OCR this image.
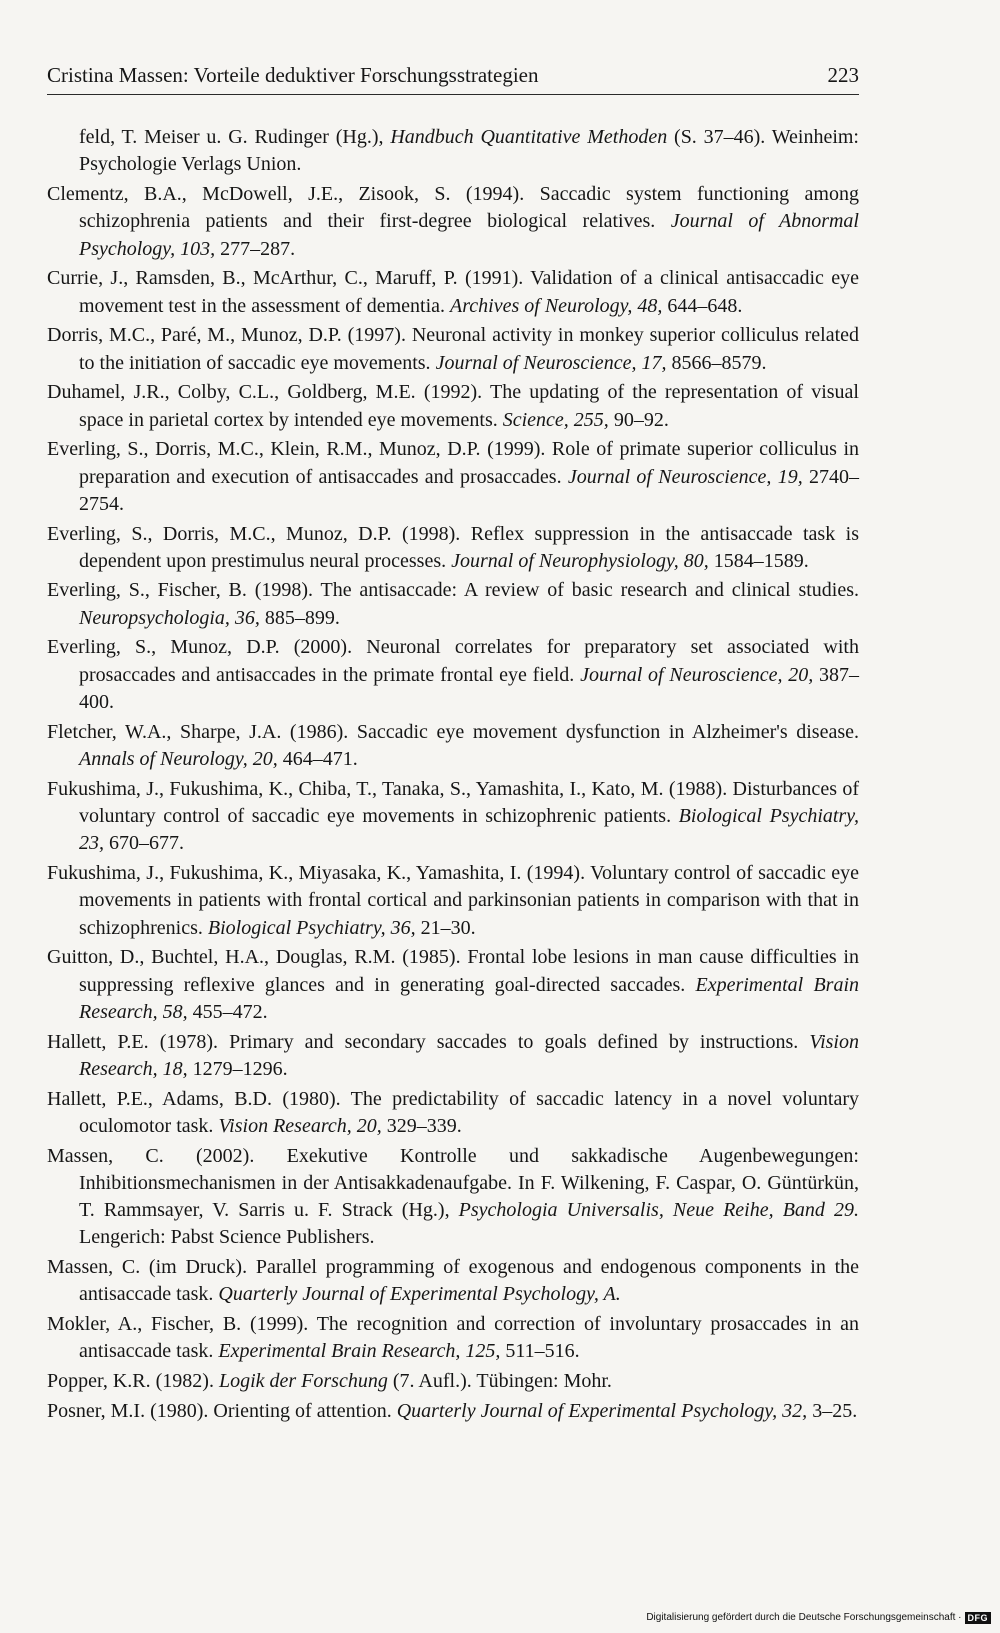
Cristina Massen: Vorteile deduktiver Forschungsstrategien	223
feld, T. Meiser u. G. Rudinger (Hg.), Handbuch Quantitative Methoden (S. 37–46). Weinheim: Psychologie Verlags Union.
Clementz, B.A., McDowell, J.E., Zisook, S. (1994). Saccadic system functioning among schizophrenia patients and their first-degree biological relatives. Journal of Abnormal Psychology, 103, 277–287.
Currie, J., Ramsden, B., McArthur, C., Maruff, P. (1991). Validation of a clinical antisaccadic eye movement test in the assessment of dementia. Archives of Neurology, 48, 644–648.
Dorris, M.C., Paré, M., Munoz, D.P. (1997). Neuronal activity in monkey superior colliculus related to the initiation of saccadic eye movements. Journal of Neuroscience, 17, 8566–8579.
Duhamel, J.R., Colby, C.L., Goldberg, M.E. (1992). The updating of the representation of visual space in parietal cortex by intended eye movements. Science, 255, 90–92.
Everling, S., Dorris, M.C., Klein, R.M., Munoz, D.P. (1999). Role of primate superior colliculus in preparation and execution of antisaccades and prosaccades. Journal of Neuroscience, 19, 2740–2754.
Everling, S., Dorris, M.C., Munoz, D.P. (1998). Reflex suppression in the antisaccade task is dependent upon prestimulus neural processes. Journal of Neurophysiology, 80, 1584–1589.
Everling, S., Fischer, B. (1998). The antisaccade: A review of basic research and clinical studies. Neuropsychologia, 36, 885–899.
Everling, S., Munoz, D.P. (2000). Neuronal correlates for preparatory set associated with prosaccades and antisaccades in the primate frontal eye field. Journal of Neuroscience, 20, 387–400.
Fletcher, W.A., Sharpe, J.A. (1986). Saccadic eye movement dysfunction in Alzheimer's disease. Annals of Neurology, 20, 464–471.
Fukushima, J., Fukushima, K., Chiba, T., Tanaka, S., Yamashita, I., Kato, M. (1988). Disturbances of voluntary control of saccadic eye movements in schizophrenic patients. Biological Psychiatry, 23, 670–677.
Fukushima, J., Fukushima, K., Miyasaka, K., Yamashita, I. (1994). Voluntary control of saccadic eye movements in patients with frontal cortical and parkinsonian patients in comparison with that in schizophrenics. Biological Psychiatry, 36, 21–30.
Guitton, D., Buchtel, H.A., Douglas, R.M. (1985). Frontal lobe lesions in man cause difficulties in suppressing reflexive glances and in generating goal-directed saccades. Experimental Brain Research, 58, 455–472.
Hallett, P.E. (1978). Primary and secondary saccades to goals defined by instructions. Vision Research, 18, 1279–1296.
Hallett, P.E., Adams, B.D. (1980). The predictability of saccadic latency in a novel voluntary oculomotor task. Vision Research, 20, 329–339.
Massen, C. (2002). Exekutive Kontrolle und sakkadische Augenbewegungen: Inhibitionsmechanismen in der Antisakkadenaufgabe. In F. Wilkening, F. Caspar, O. Güntürkün, T. Rammsayer, V. Sarris u. F. Strack (Hg.), Psychologia Universalis, Neue Reihe, Band 29. Lengerich: Pabst Science Publishers.
Massen, C. (im Druck). Parallel programming of exogenous and endogenous components in the antisaccade task. Quarterly Journal of Experimental Psychology, A.
Mokler, A., Fischer, B. (1999). The recognition and correction of involuntary prosaccades in an antisaccade task. Experimental Brain Research, 125, 511–516.
Popper, K.R. (1982). Logik der Forschung (7. Aufl.). Tübingen: Mohr.
Posner, M.I. (1980). Orienting of attention. Quarterly Journal of Experimental Psychology, 32, 3–25.
Digitalisierung gefördert durch die Deutsche Forschungsgemeinschaft · DFG
